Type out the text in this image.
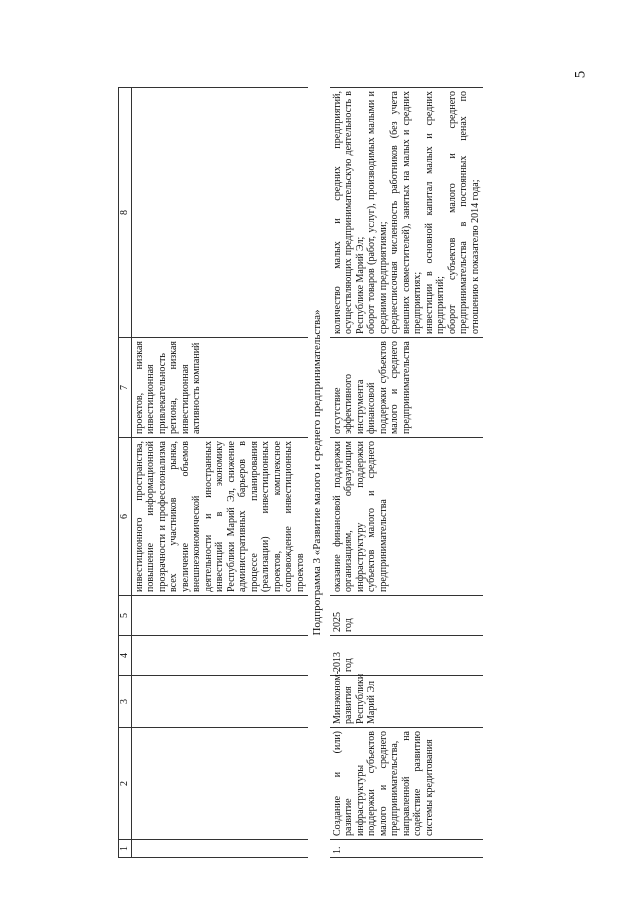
5
1	2	3	4	5	6	7	8
					инвестиционного пространства, повышение информационной прозрачности и профессионализма всех участников рынка, увеличение объемов внешнеэкономической деятельности и иностранных инвестиций в экономику Республики Марий Эл, снижение административных барьеров в процессе планирования (реализации) инвестиционных проектов, комплексное сопровождение инвестиционных проектов	проектов, низкая инвестиционная привлекательность региона, низкая инвестиционная активность компаний	
Подпрограмма 3 «Развитие малого и среднего предпринимательства»							
1.	Создание и (или) развитие инфраструктуры поддержки субъектов малого и среднего предпринимательства, направленной на содействие развитию системы кредитования	Минэконом-развития Республики Марий Эл	2013 год	2025 год	оказание финансовой поддержки организациям, образующим инфраструктуру поддержки субъектов малого и среднего предпринимательства	отсутствие эффективного инструмента финансовой поддержки субъектов малого и среднего предпринимательства	количество малых и средних предприятий, осуществляющих предпринимательскую деятельность в Республике Марий Эл; оборот товаров (работ, услуг), производимых малыми и средними предприятиями; среднесписочная численность работников (без учета внешних совместителей), занятых на малых и средних предприятиях; инвестиции в основной капитал малых и средних предприятий; оборот субъектов малого и среднего предпринимательства в постоянных ценах по отношению к показателю 2014 года;
